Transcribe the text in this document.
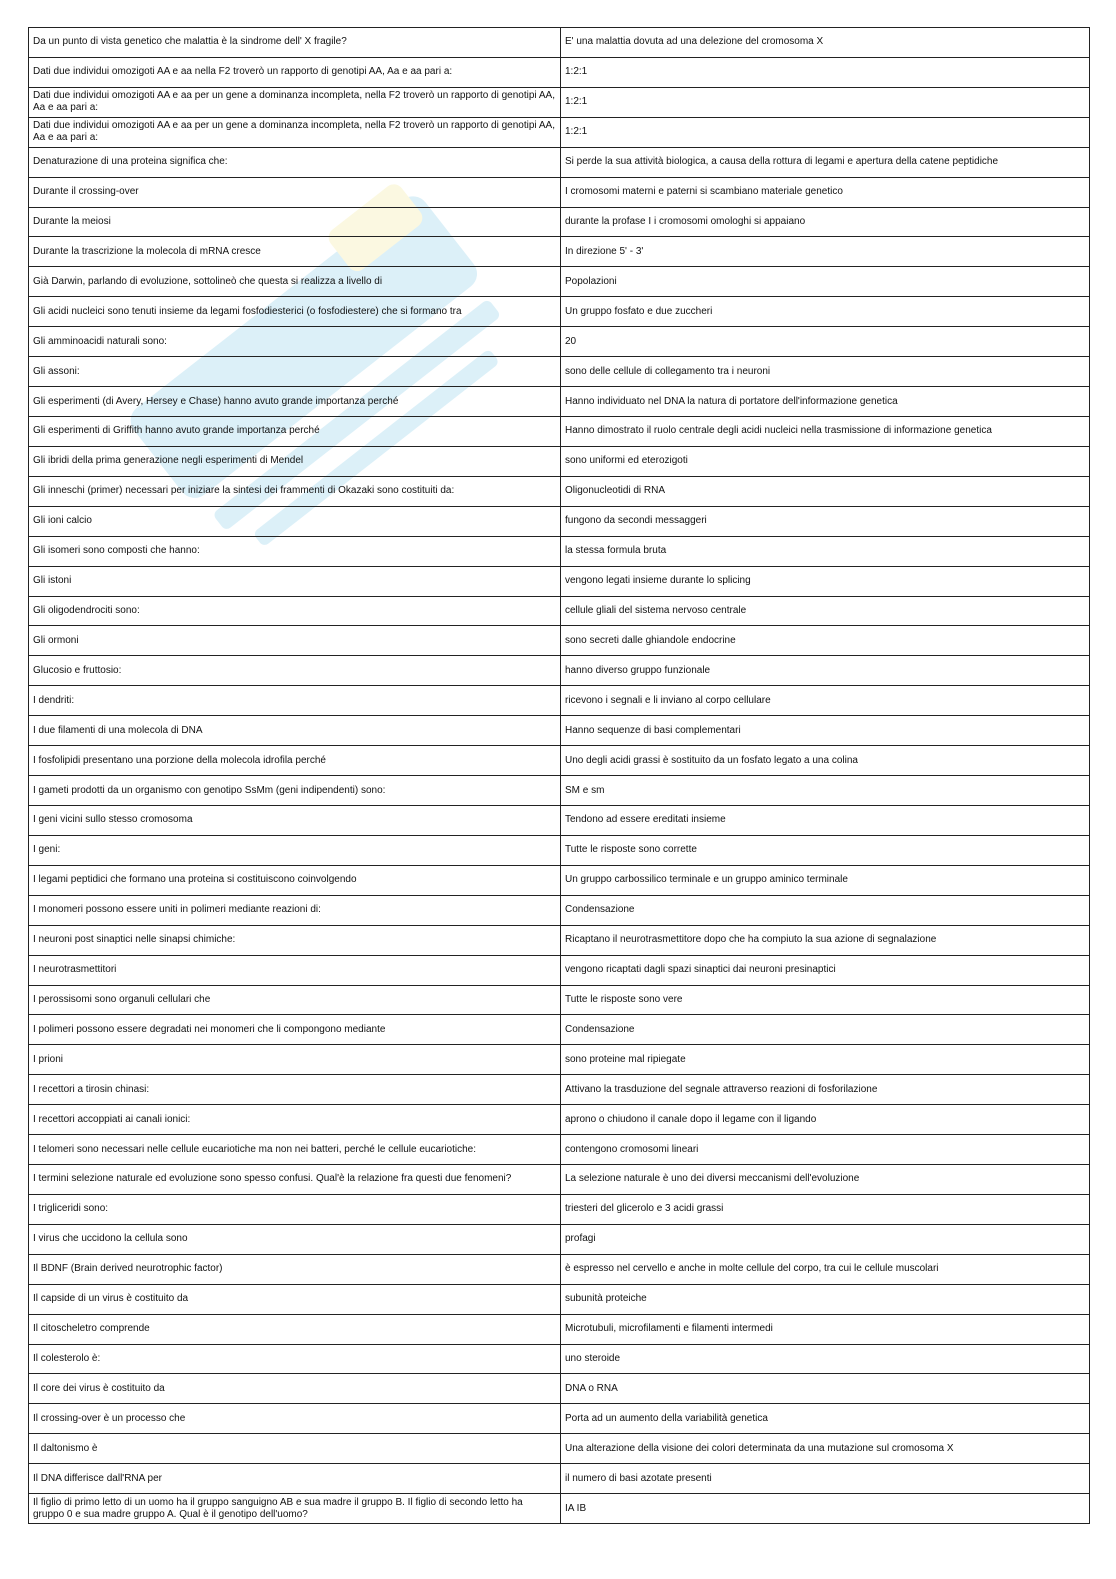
Da un punto di vista genetico che malattia è la sindrome dell' X fragile?	E' una malattia dovuta ad una delezione del cromosoma X
Dati due individui omozigoti AA e aa nella F2 troverò un rapporto di genotipi AA, Aa e aa pari a:	1:2:1
Dati due individui omozigoti AA e aa per un gene a dominanza incompleta, nella F2 troverò un rapporto di genotipi AA, Aa e aa pari a:	1:2:1
Dati due individui omozigoti AA e aa per un gene a dominanza incompleta, nella F2 troverò un rapporto di genotipi AA, Aa e aa pari a:	1:2:1
Denaturazione di una proteina significa che:	Si perde la sua attività biologica, a causa della rottura di legami e apertura della catene peptidiche
Durante il crossing-over	I cromosomi materni e paterni si scambiano materiale genetico
Durante la meiosi	durante la profase I i cromosomi omologhi si appaiano
Durante la trascrizione la molecola di mRNA cresce	In direzione 5' - 3'
Già Darwin, parlando di evoluzione, sottolineò che questa si realizza a livello di	Popolazioni
Gli acidi nucleici sono tenuti insieme da legami fosfodiesterici (o fosfodiestere) che si formano tra	Un gruppo fosfato e due zuccheri
Gli amminoacidi naturali sono:	20
Gli assoni:	sono delle cellule di collegamento tra i neuroni
Gli esperimenti (di Avery, Hersey e Chase) hanno avuto grande importanza perché	Hanno individuato nel DNA la natura di portatore dell'informazione genetica
Gli esperimenti di Griffith hanno avuto grande importanza perché	Hanno dimostrato il ruolo centrale degli acidi nucleici nella trasmissione di informazione genetica
Gli ibridi della prima generazione negli esperimenti di Mendel	sono uniformi ed eterozigoti
Gli inneschi (primer) necessari per iniziare la sintesi dei frammenti di Okazaki sono costituiti da:	Oligonucleotidi di RNA
Gli ioni calcio	fungono da secondi messaggeri
Gli isomeri sono composti che hanno:	la stessa formula bruta
Gli istoni	vengono legati insieme durante lo splicing
Gli oligodendrociti sono:	cellule gliali del sistema nervoso centrale
Gli ormoni	sono secreti dalle ghiandole endocrine
Glucosio e fruttosio:	hanno diverso gruppo funzionale
I dendriti:	ricevono i segnali e li inviano al corpo cellulare
I due filamenti di una molecola di DNA	Hanno sequenze di basi complementari
I fosfolipidi presentano una porzione della molecola idrofila perché	Uno degli acidi grassi è sostituito da un fosfato legato a una colina
I gameti prodotti da un organismo con genotipo SsMm (geni indipendenti) sono:	SM e sm
I geni vicini sullo stesso cromosoma	Tendono ad essere ereditati insieme
I geni:	Tutte le risposte sono corrette
I legami peptidici che formano una proteina si costituiscono coinvolgendo	Un gruppo carbossilico terminale e un gruppo aminico terminale
I monomeri possono essere uniti in polimeri mediante reazioni di:	Condensazione
I neuroni post sinaptici nelle sinapsi chimiche:	Ricaptano il neurotrasmettitore dopo che ha compiuto la sua azione di segnalazione
I neurotrasmettitori	vengono ricaptati dagli spazi sinaptici dai neuroni presinaptici
I perossisomi sono organuli cellulari che	Tutte le risposte sono vere
I polimeri possono essere degradati nei monomeri che li compongono mediante	Condensazione
I prioni	sono proteine mal ripiegate
I recettori a tirosin chinasi:	Attivano la trasduzione del segnale attraverso reazioni di fosforilazione
I recettori accoppiati ai canali ionici:	aprono o chiudono il canale dopo il legame con il ligando
I telomeri sono necessari nelle cellule eucariotiche ma non nei batteri, perché le cellule eucariotiche:	contengono cromosomi lineari
I termini selezione naturale ed evoluzione sono spesso confusi. Qual'è la relazione fra questi due fenomeni?	La selezione naturale è uno dei diversi meccanismi dell'evoluzione
I trigliceridi sono:	triesteri del glicerolo e 3 acidi grassi
I virus che uccidono la cellula sono	profagi
Il BDNF (Brain derived neurotrophic factor)	è espresso nel cervello e anche in molte cellule del corpo, tra cui le cellule muscolari
Il capside di un virus è costituito da	subunità proteiche
Il citoscheletro comprende	Microtubuli, microfilamenti e filamenti intermedi
Il colesterolo è:	uno steroide
Il core dei virus è costituito da	DNA o RNA
Il crossing-over è un processo che	Porta ad un aumento della variabilità genetica
Il daltonismo è	Una alterazione della visione dei colori determinata da una mutazione sul cromosoma X
Il DNA differisce dall'RNA per	il numero di basi azotate presenti
Il figlio di primo letto di un uomo ha il gruppo sanguigno AB e sua madre il gruppo B. Il figlio di secondo letto ha gruppo 0 e sua madre gruppo A. Qual è il genotipo dell'uomo?	IA IB
